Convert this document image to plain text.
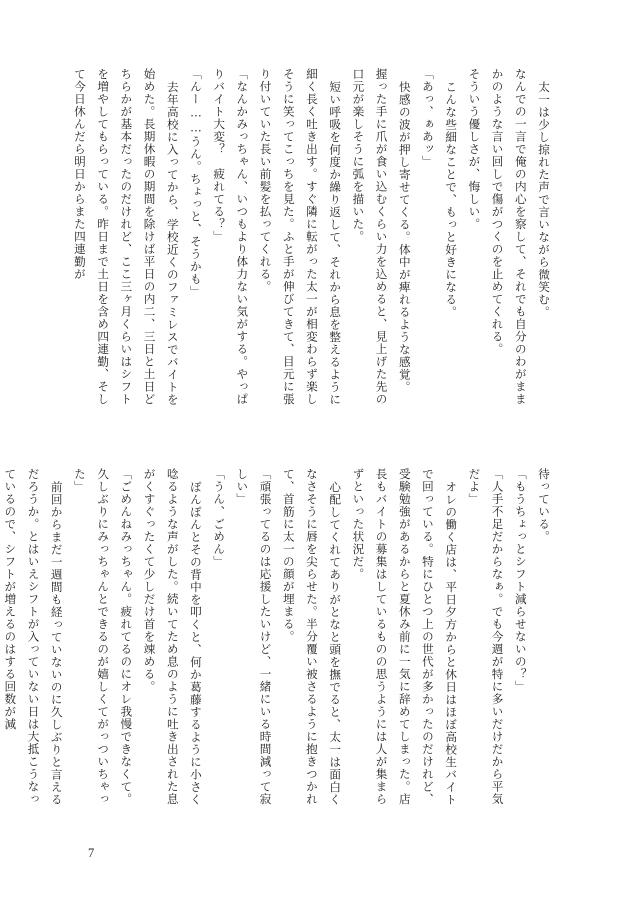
太一は少し掠れた声で言いながら微笑む。

なんでの一言で俺の内心を察して、それでも自分のわがままかのような言い回しで傷がつくのを止めてくれる。

そういう優しさが、悔しい。

こんな些細なことで、もっと好きになる。

「あっ、ぁあッ」

快感の波が押し寄せてくる。体中が痺れるような感覚。

握った手に爪が食い込むくらい力を込めると、見上げた先の口元が楽しそうに弧を描いた。

短い呼吸を何度か繰り返して、それから息を整えるように細く長く吐き出す。すぐ隣に転がった太一が相変わらず楽しそうに笑ってこっちを見た。ふと手が伸びてきて、目元に張り付いていた長い前髪を払ってくれる。

「なんかみっちゃん、いつもより体力ない気がする。やっぱりバイト大変？　疲れてる？」

「んー……うん。ちょっと、そうかも」

去年高校に入ってから、学校近くのファミレスでバイトを始めた。長期休暇の期間を除けば平日の内二、三日と土日どちらかが基本だったのだけれど、ここ三ヶ月くらいはシフトを増やしてもらっている。昨日まで土日を含め四連勤、そして今日休んだら明日からまた四連勤が

待っている。

「もうちょっとシフト減らせないの？」

「人手不足だからなぁ。でも今週が特に多いだけだから平気だよ」

オレの働く店は、平日夕方からと休日はほぼ高校生バイトで回っている。特にひとつ上の世代が多かったのだけれど、受験勉強があるからと夏休み前に一気に辞めてしまった。店長もバイトの募集はしているものの思うようには人が集まらずといった状況だ。

心配してくれてありがとなと頭を撫でると、太一は面白くなさそうに唇を尖らせた。半分覆い被さるように抱きつかれて、首筋に太一の顔が埋まる。

「頑張ってるのは応援したいけど、一緒にいる時間減って寂しい」

「うん、ごめん」

ぽんぽんとその背中を叩くと、何か葛藤するように小さく唸るような声がした。続いてため息のように吐き出された息がくすぐったくて少しだけ首を竦める。

「ごめんねみっちゃん。疲れてるのにオレ我慢できなくて。久しぶりにみっちゃんとできるのが嬉しくてがっついちゃった」

前回からまだ一週間も経っていないのに久しぶりと言えるだろうか。とはいえシフトが入っていない日は大抵こうなっているので、シフトが増えるのはする回数が減

7
